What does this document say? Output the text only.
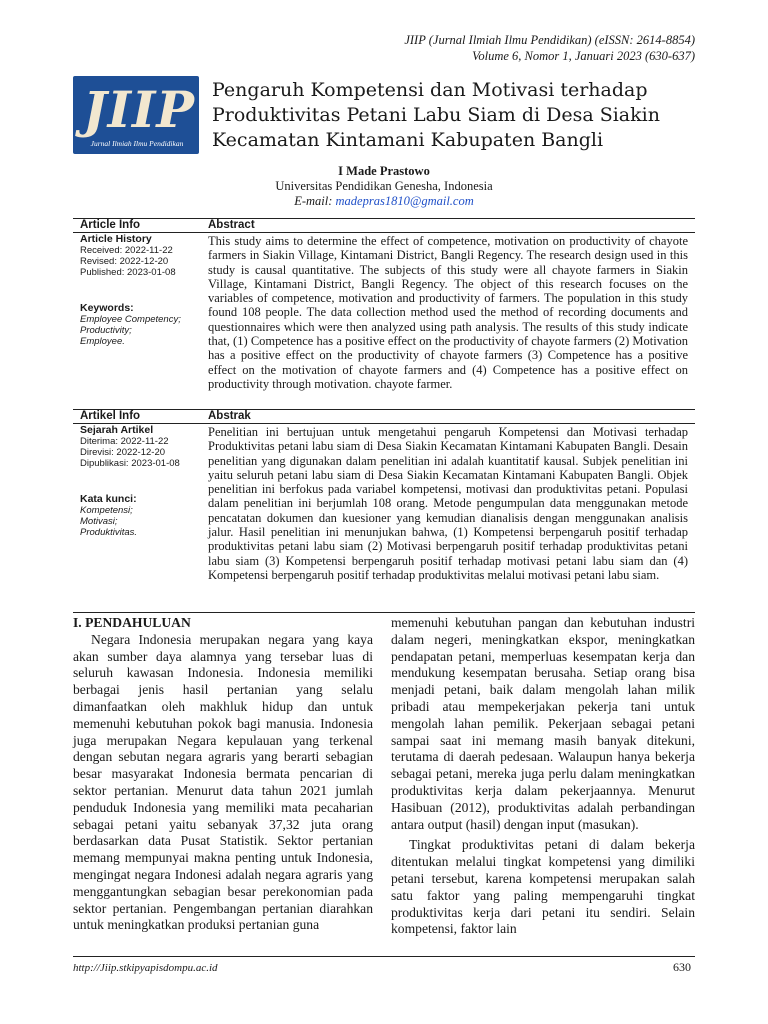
JIIP (Jurnal Ilmiah Ilmu Pendidikan) (eISSN: 2614-8854)
Volume 6, Nomor 1, Januari 2023 (630-637)
JIIP
Jurnal Ilmiah Ilmu Pendidikan
Pengaruh Kompetensi dan Motivasi terhadap
Produktivitas Petani Labu Siam di Desa Siakin
Kecamatan Kintamani Kabupaten Bangli
I Made Prastowo
Universitas Pendidikan Genesha, Indonesia
E-mail: madepras1810@gmail.com
Article Info	Abstract
Article History
Received: 2022-11-22
Revised: 2022-12-20
Published: 2023-01-08
Keywords:
Employee Competency;
Productivity;
Employee.
This study aims to determine the effect of competence, motivation on productivity of chayote farmers in Siakin Village, Kintamani District, Bangli Regency. The research design used in this study is causal quantitative. The subjects of this study were all chayote farmers in Siakin Village, Kintamani District, Bangli Regency. The object of this research focuses on the variables of competence, motivation and productivity of farmers. The population in this study found 108 people. The data collection method used the method of recording documents and questionnaires which were then analyzed using path analysis. The results of this study indicate that, (1) Competence has a positive effect on the productivity of chayote farmers (2) Motivation has a positive effect on the productivity of chayote farmers (3) Competence has a positive effect on the motivation of chayote farmers and (4) Competence has a positive effect on productivity through motivation. chayote farmer.
Artikel Info	Abstrak
Sejarah Artikel
Diterima: 2022-11-22
Direvisi: 2022-12-20
Dipublikasi: 2023-01-08
Kata kunci:
Kompetensi;
Motivasi;
Produktivitas.
Penelitian ini bertujuan untuk mengetahui pengaruh Kompetensi dan Motivasi terhadap Produktivitas petani labu siam di Desa Siakin Kecamatan Kintamani Kabupaten Bangli. Desain penelitian yang digunakan dalam penelitian ini adalah kuantitatif kausal. Subjek penelitian ini yaitu seluruh petani labu siam di Desa Siakin Kecamatan Kintamani Kabupaten Bangli. Objek penelitian ini berfokus pada variabel kompetensi, motivasi dan produktivitas petani. Populasi dalam penelitian ini berjumlah 108 orang. Metode pengumpulan data menggunakan metode pencatatan dokumen dan kuesioner yang kemudian dianalisis dengan menggunakan analisis jalur. Hasil penelitian ini menunjukan bahwa, (1) Kompetensi berpengaruh positif terhadap produktivitas petani labu siam (2) Motivasi berpengaruh positif terhadap produktivitas petani labu siam (3) Kompetensi berpengaruh positif terhadap motivasi petani labu siam dan (4) Kompetensi berpengaruh positif terhadap produktivitas melalui motivasi petani labu siam.
I. PENDAHULUAN

Negara Indonesia merupakan negara yang kaya akan sumber daya alamnya yang tersebar luas di seluruh kawasan Indonesia. Indonesia memiliki berbagai jenis hasil pertanian yang selalu dimanfaatkan oleh makhluk hidup dan untuk memenuhi kebutuhan pokok bagi manusia. Indonesia juga merupakan Negara kepulauan yang terkenal dengan sebutan negara agraris yang berarti sebagian besar masyarakat Indonesia bermata pencarian di sektor pertanian. Menurut data tahun 2021 jumlah penduduk Indonesia yang memiliki mata pecaharian sebagai petani yaitu sebanyak 37,32 juta orang berdasarkan data Pusat Statistik. Sektor pertanian memang mempunyai makna penting untuk Indonesia, mengingat negara Indonesi adalah negara agraris yang menggantungkan sebagian besar perekonomian pada sektor pertanian. Pengembangan pertanian diarahkan untuk meningkatkan produksi pertanian guna

memenuhi kebutuhan pangan dan kebutuhan industri dalam negeri, meningkatkan ekspor, meningkatkan pendapatan petani, memperluas kesempatan kerja dan mendukung kesempatan berusaha. Setiap orang bisa menjadi petani, baik dalam mengolah lahan milik pribadi atau mempekerjakan pekerja tani untuk mengolah lahan pemilik. Pekerjaan sebagai petani sampai saat ini memang masih banyak ditekuni, terutama di daerah pedesaan. Walaupun hanya bekerja sebagai petani, mereka juga perlu dalam meningkatkan produktivitas kerja dalam pekerjaannya. Menurut Hasibuan (2012), produktivitas adalah perbandingan antara output (hasil) dengan input (masukan).

Tingkat produktivitas petani di dalam bekerja ditentukan melalui tingkat kompetensi yang dimiliki petani tersebut, karena kompetensi merupakan salah satu faktor yang paling mempengaruhi tingkat produktivitas kerja dari petani itu sendiri. Selain kompetensi, faktor lain

http://Jiip.stkipyapisdompu.ac.id	630
